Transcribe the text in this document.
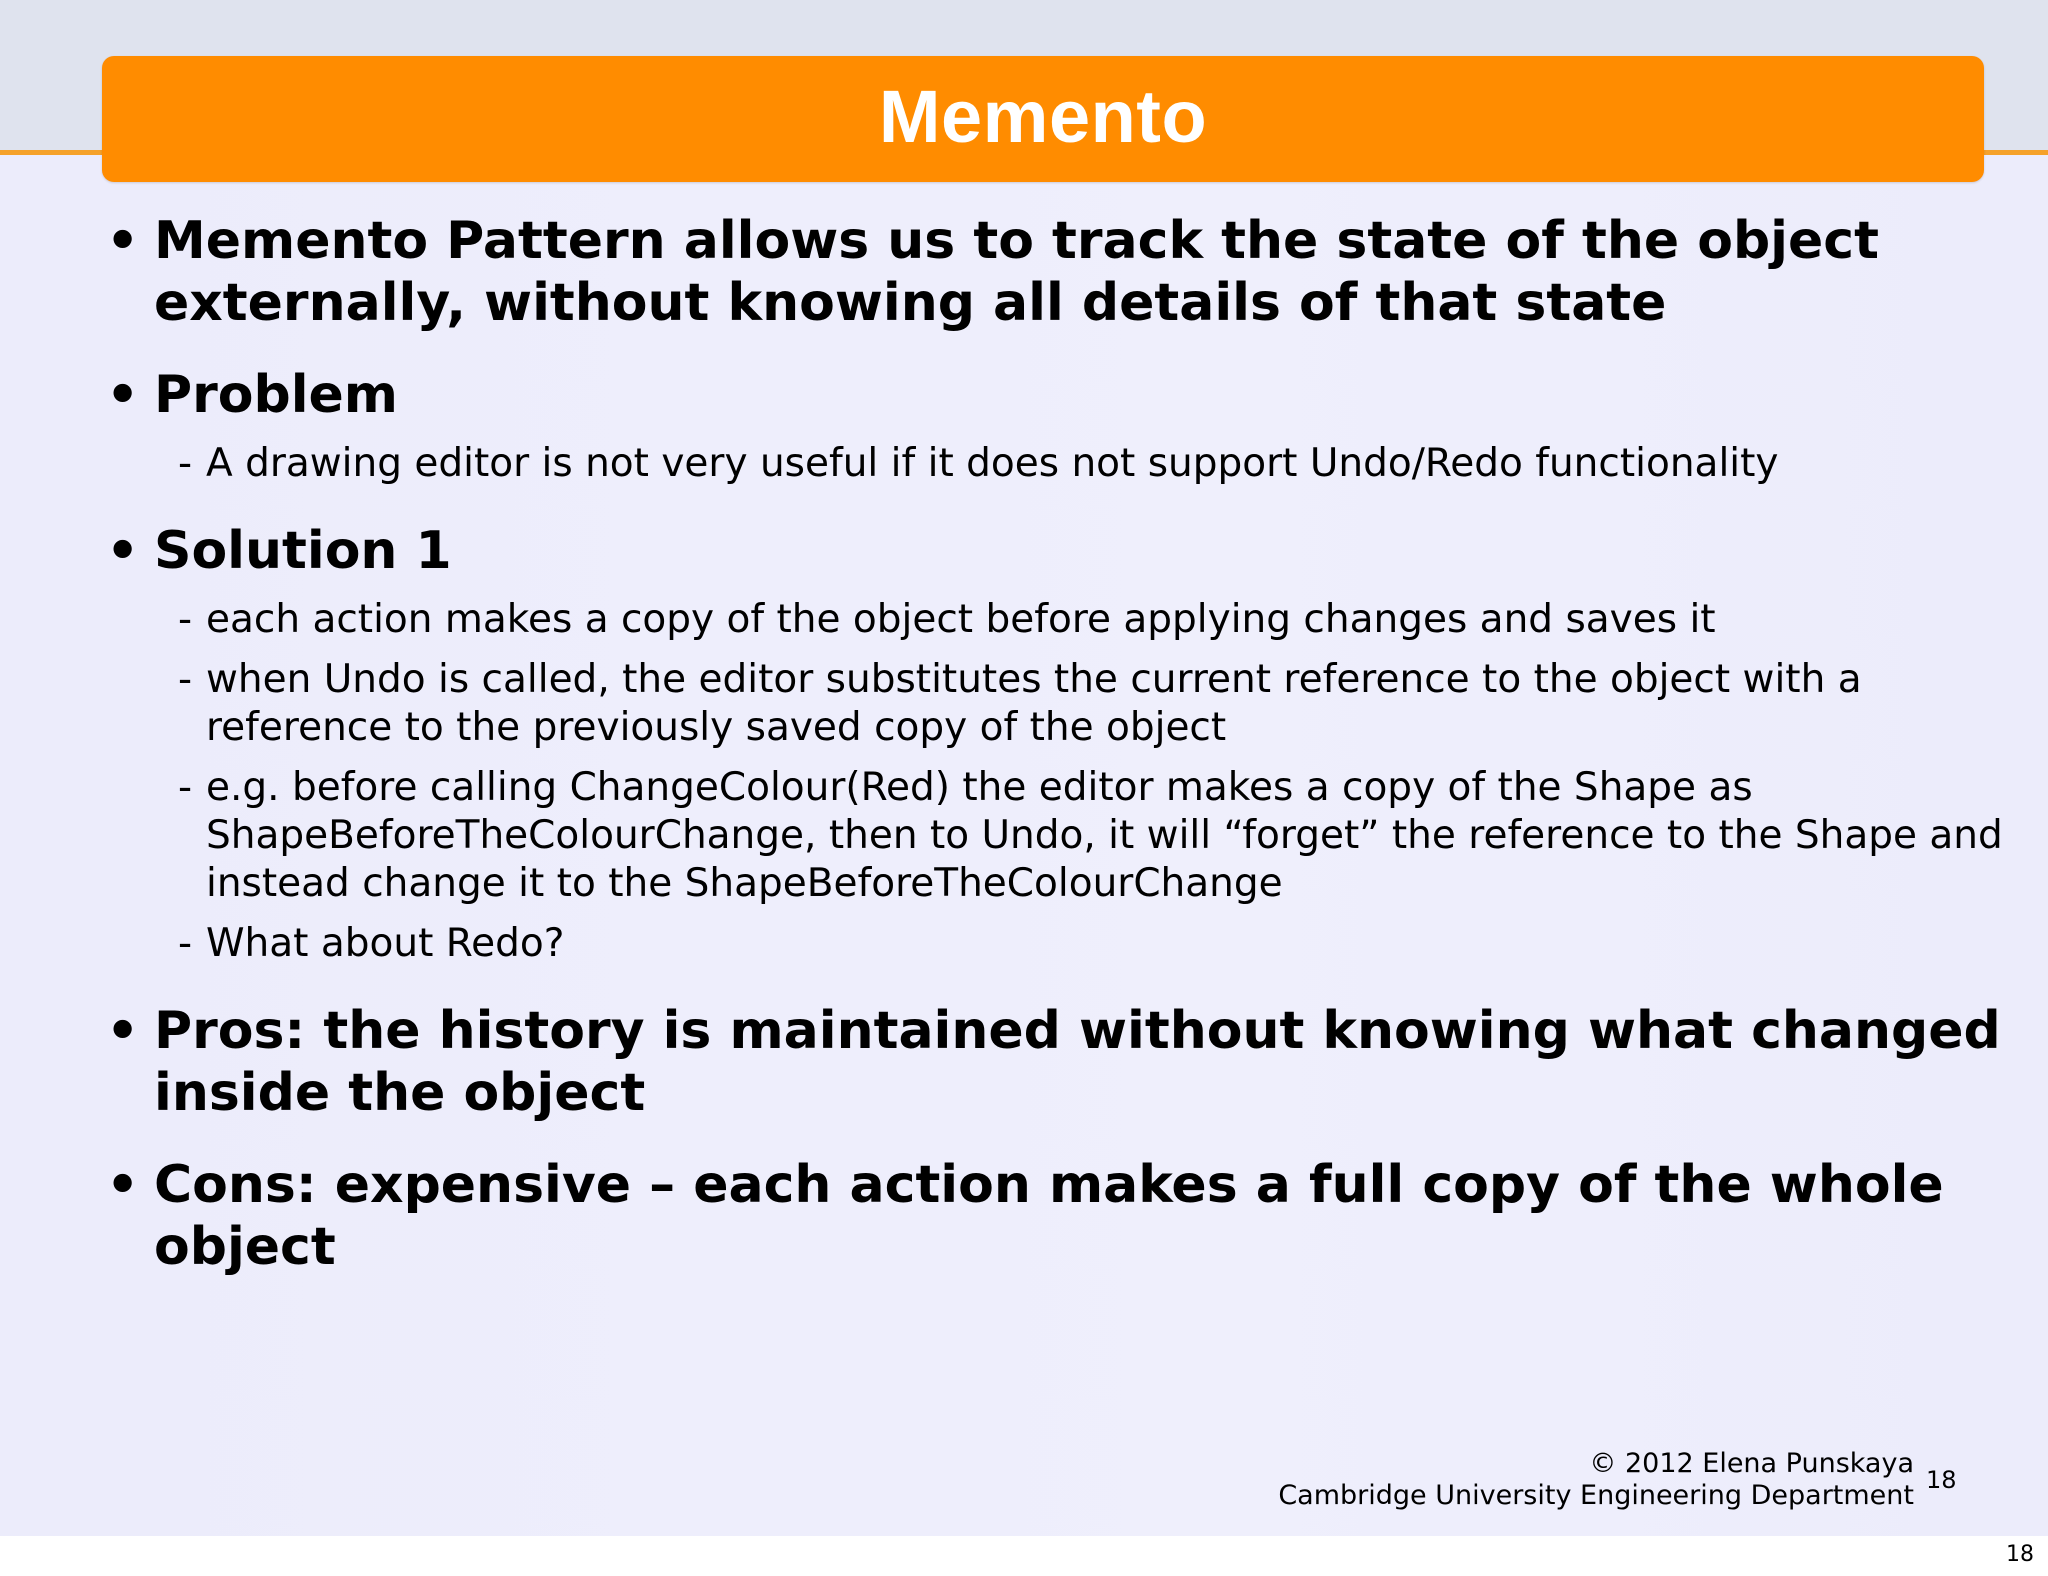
Memento

• Memento Pattern allows us to track the state of the object externally, without knowing all details of that state

• Problem

- A drawing editor is not very useful if it does not support Undo/Redo functionality

• Solution 1

- each action makes a copy of the object before applying changes and saves it

- when Undo is called, the editor substitutes the current reference to the object with a reference to the previously saved copy of the object

- e.g. before calling ChangeColour(Red) the editor makes a copy of the Shape as ShapeBeforeTheColourChange, then to Undo, it will “forget” the reference to the Shape and instead change it to the ShapeBeforeTheColourChange

- What about Redo?

• Pros: the history is maintained without knowing what changed inside the object

• Cons: expensive – each action makes a full copy of the whole object

© 2012 Elena Punskaya
Cambridge University Engineering Department 18
18
